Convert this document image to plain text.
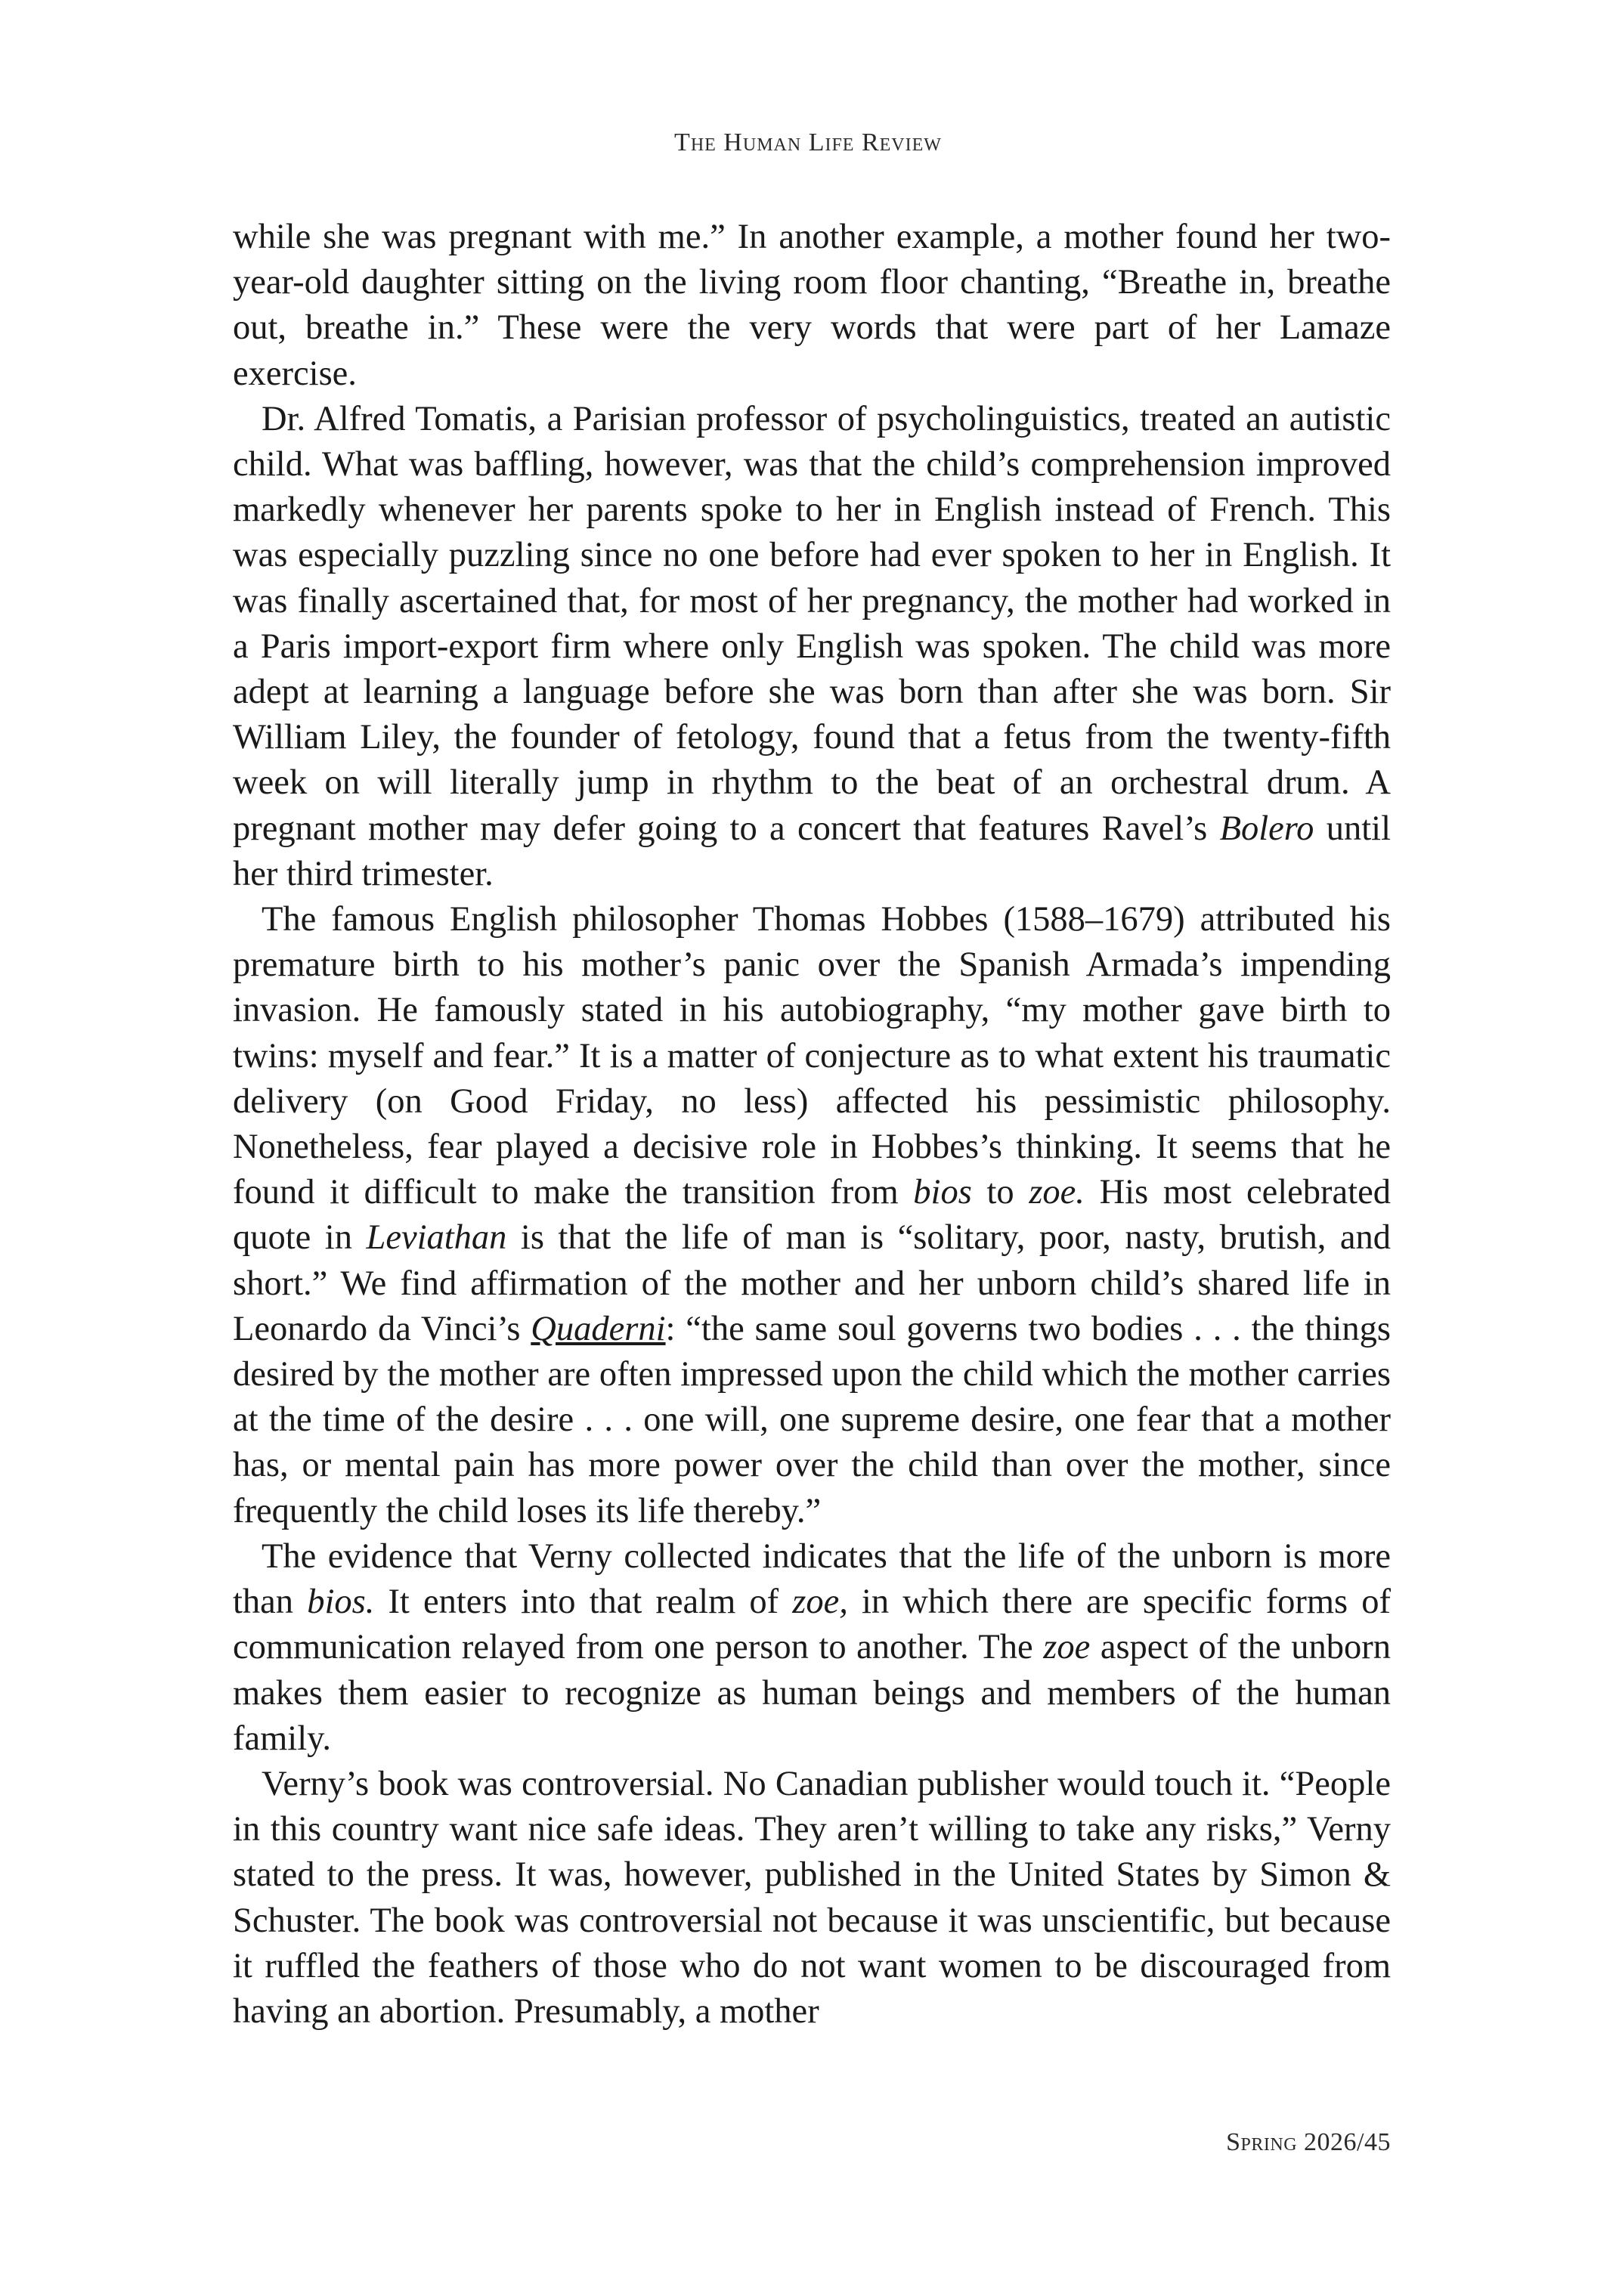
The Human Life Review

while she was pregnant with me.” In another example, a mother found her two-year-old daughter sitting on the living room floor chanting, “Breathe in, breathe out, breathe in.” These were the very words that were part of her Lamaze exercise.

Dr. Alfred Tomatis, a Parisian professor of psycholinguistics, treated an autistic child. What was baffling, however, was that the child’s comprehension improved markedly whenever her parents spoke to her in English instead of French. This was especially puzzling since no one before had ever spoken to her in English. It was finally ascertained that, for most of her pregnancy, the mother had worked in a Paris import-export firm where only English was spoken. The child was more adept at learning a language before she was born than after she was born. Sir William Liley, the founder of fetology, found that a fetus from the twenty-fifth week on will literally jump in rhythm to the beat of an orchestral drum. A pregnant mother may defer going to a concert that features Ravel’s Bolero until her third trimester.

The famous English philosopher Thomas Hobbes (1588–1679) attributed his premature birth to his mother’s panic over the Spanish Armada’s impending invasion. He famously stated in his autobiography, “my mother gave birth to twins: myself and fear.” It is a matter of conjecture as to what extent his traumatic delivery (on Good Friday, no less) affected his pessimistic philosophy. Nonetheless, fear played a decisive role in Hobbes’s thinking. It seems that he found it difficult to make the transition from bios to zoe. His most celebrated quote in Leviathan is that the life of man is “solitary, poor, nasty, brutish, and short.” We find affirmation of the mother and her unborn child’s shared life in Leonardo da Vinci’s Quaderni: “the same soul governs two bodies . . . the things desired by the mother are often impressed upon the child which the mother carries at the time of the desire . . . one will, one supreme desire, one fear that a mother has, or mental pain has more power over the child than over the mother, since frequently the child loses its life thereby.”

The evidence that Verny collected indicates that the life of the unborn is more than bios. It enters into that realm of zoe, in which there are specific forms of communication relayed from one person to another. The zoe aspect of the unborn makes them easier to recognize as human beings and members of the human family.

Verny’s book was controversial. No Canadian publisher would touch it. “People in this country want nice safe ideas. They aren’t willing to take any risks,” Verny stated to the press. It was, however, published in the United States by Simon & Schuster. The book was controversial not because it was unscientific, but because it ruffled the feathers of those who do not want women to be discouraged from having an abortion. Presumably, a mother

Spring 2026/45
